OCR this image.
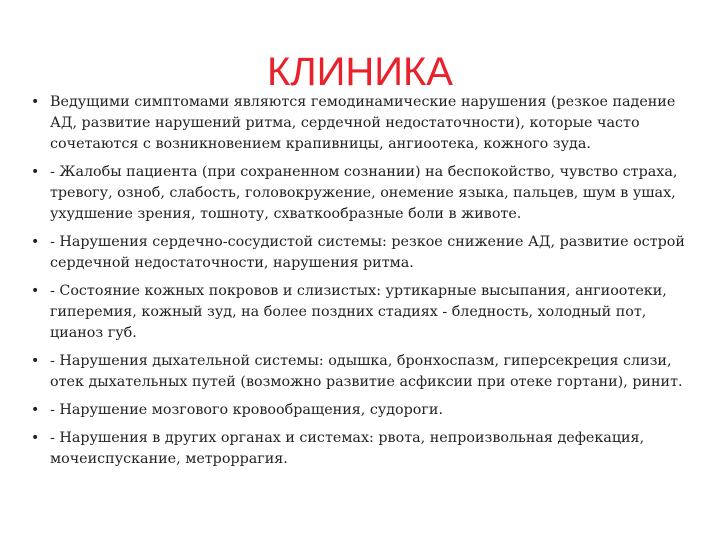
КЛИНИКА
• Ведущими симптомами являются гемодинамические нарушения (резкое падение АД, развитие нарушений ритма, сердечной недостаточности), которые часто сочетаются с возникновением крапивницы, ангиоотека, кожного зуда.
• - Жалобы пациента (при сохраненном сознании) на беспокойство, чувство страха, тревогу, озноб, слабость, головокружение, онемение языка, пальцев, шум в ушах, ухудшение зрения, тошноту, схваткообразные боли в животе.
• - Нарушения сердечно-сосудистой системы: резкое снижение АД, развитие острой сердечной недостаточности, нарушения ритма.
• - Состояние кожных покровов и слизистых: уртикарные высыпания, ангиоотеки, гиперемия, кожный зуд, на более поздних стадиях - бледность, холодный пот, цианоз губ.
• - Нарушения дыхательной системы: одышка, бронхоспазм, гиперсекреция слизи, отек дыхательных путей (возможно развитие асфиксии при отеке гортани), ринит.
• - Нарушение мозгового кровообращения, судороги.
• - Нарушения в других органах и системах: рвота, непроизвольная дефекация, мочеиспускание, метроррагия.
